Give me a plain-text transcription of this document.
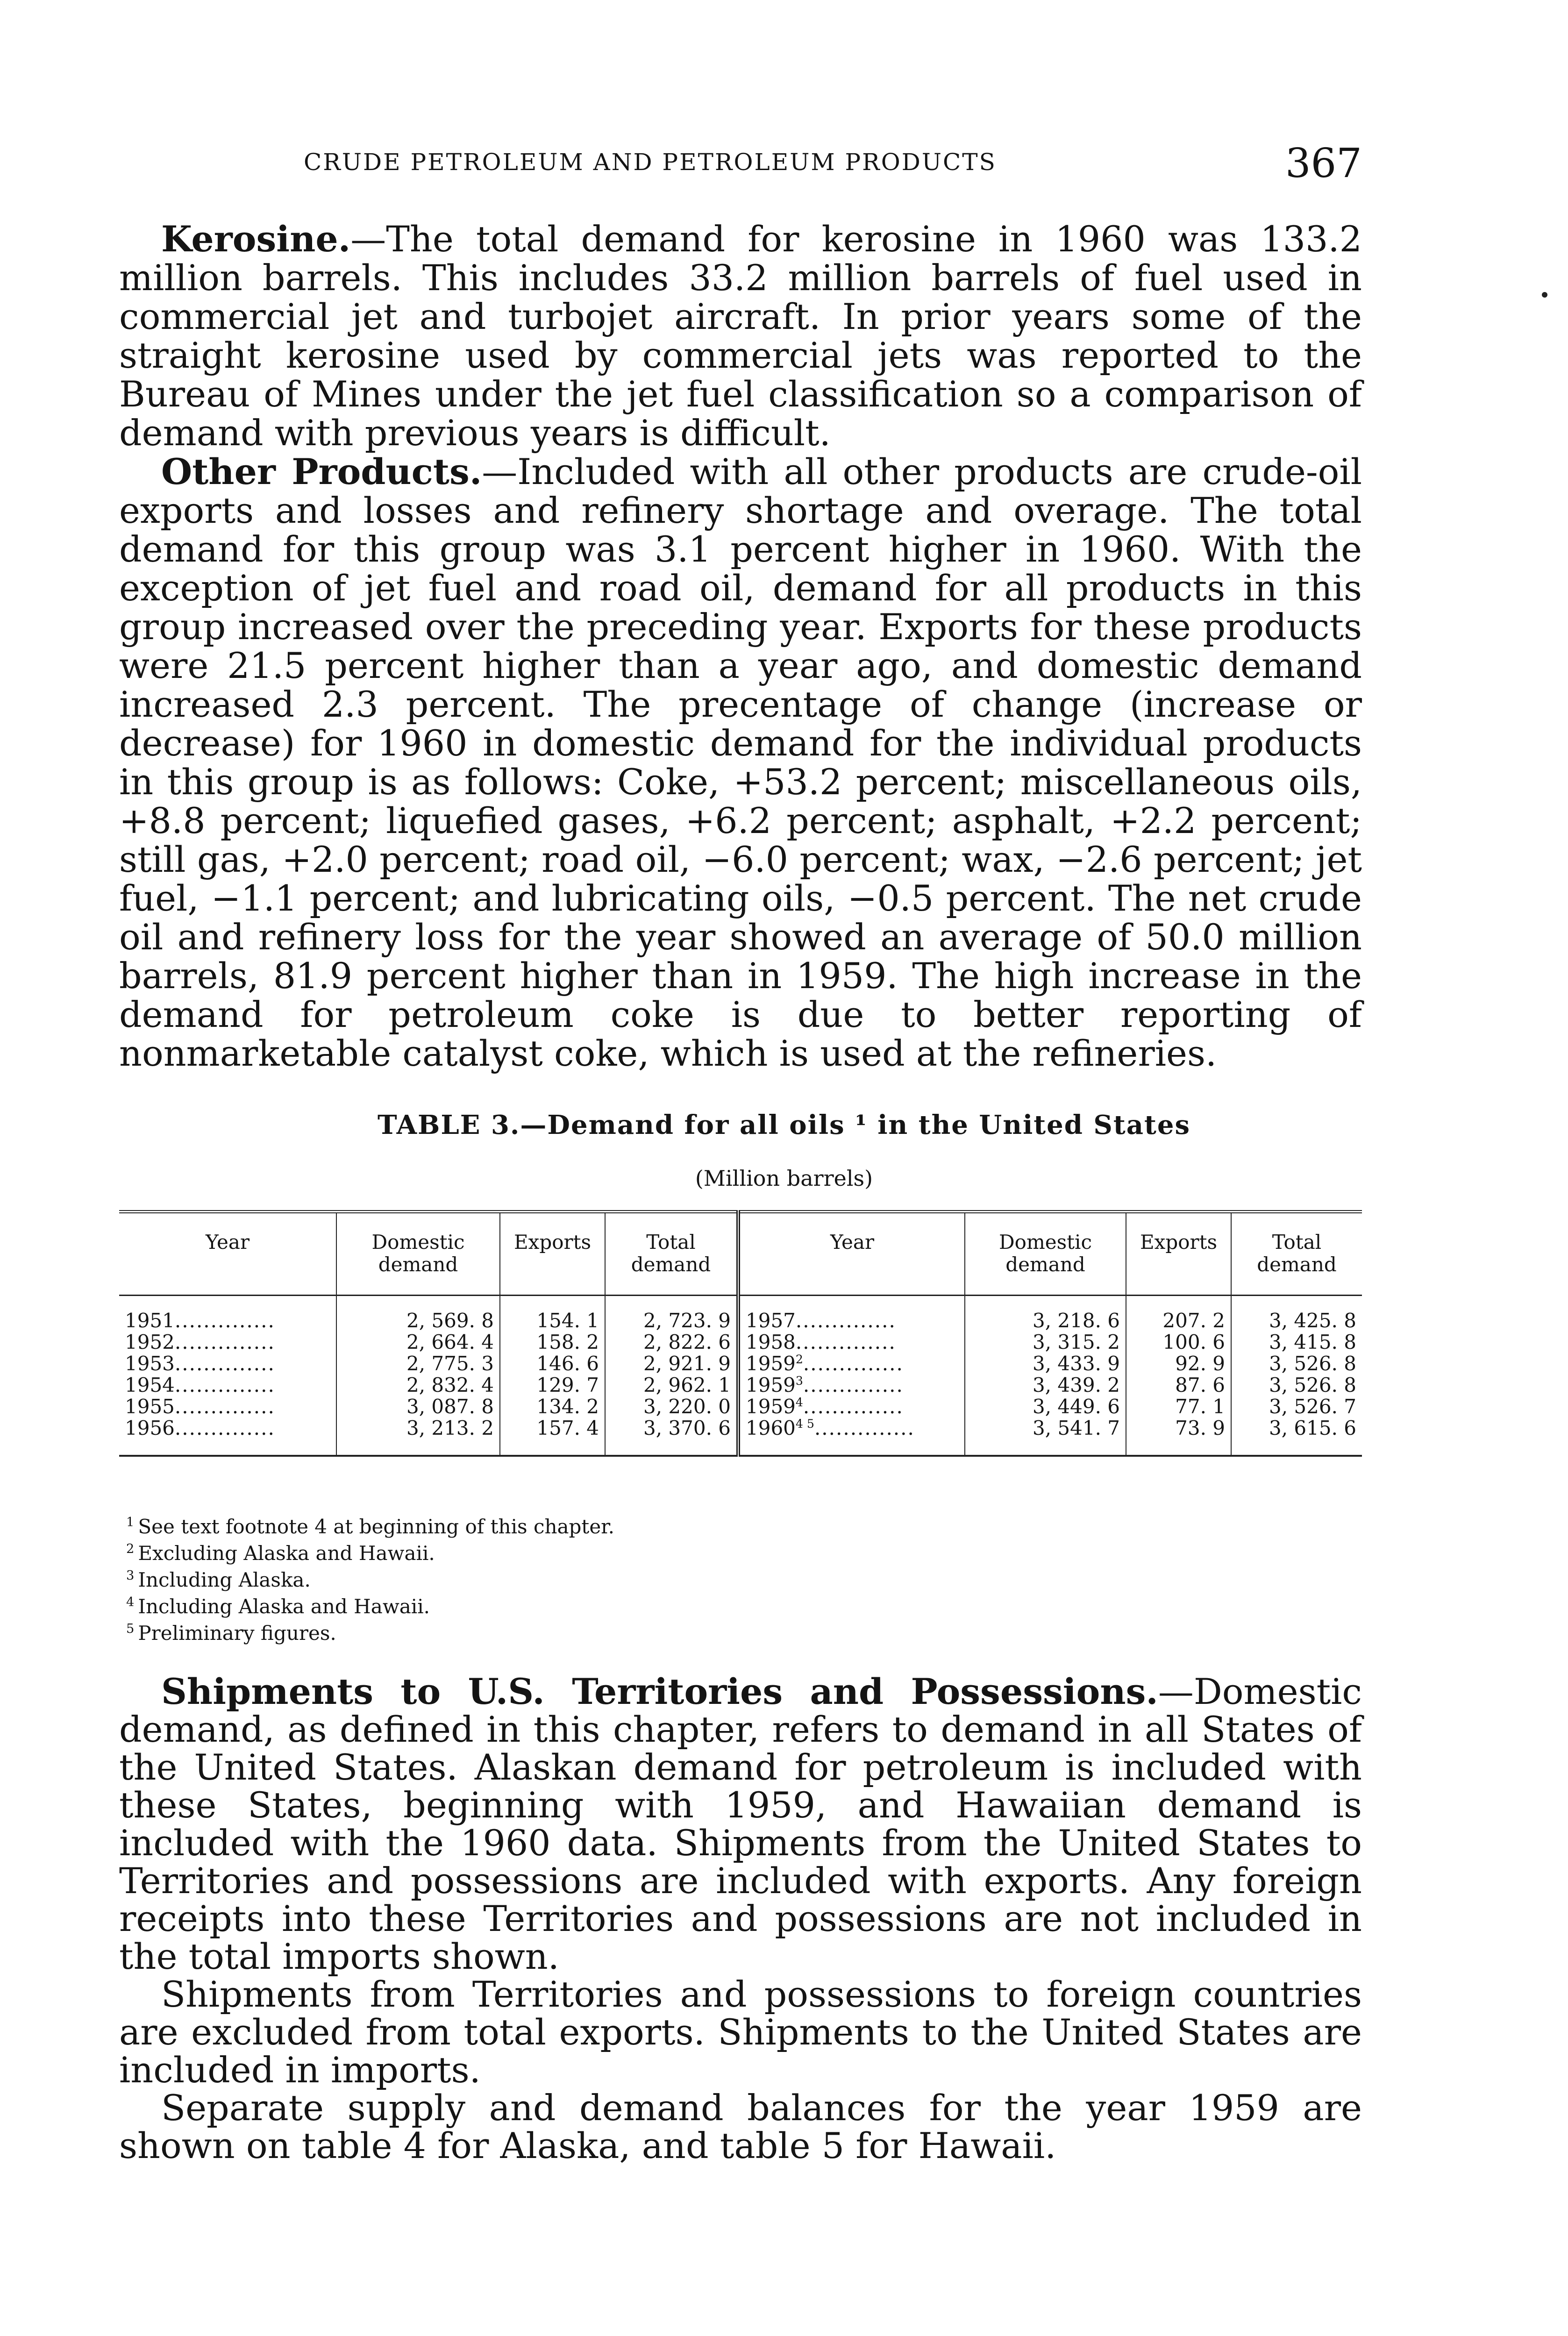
CRUDE PETROLEUM AND PETROLEUM PRODUCTS	367

Kerosine.—The total demand for kerosine in 1960 was 133.2 million barrels. This includes 33.2 million barrels of fuel used in commercial jet and turbojet aircraft. In prior years some of the straight kerosine used by commercial jets was reported to the Bureau of Mines under the jet fuel classification so a comparison of demand with previous years is difficult.

Other Products.—Included with all other products are crude-oil exports and losses and refinery shortage and overage. The total demand for this group was 3.1 percent higher in 1960. With the exception of jet fuel and road oil, demand for all products in this group increased over the preceding year. Exports for these products were 21.5 percent higher than a year ago, and domestic demand increased 2.3 percent. The precentage of change (increase or decrease) for 1960 in domestic demand for the individual products in this group is as follows: Coke, +53.2 percent; miscellaneous oils, +8.8 percent; liquefied gases, +6.2 percent; asphalt, +2.2 percent; still gas, +2.0 percent; road oil, −6.0 percent; wax, −2.6 percent; jet fuel, −1.1 percent; and lubricating oils, −0.5 percent. The net crude oil and refinery loss for the year showed an average of 50.0 million barrels, 81.9 percent higher than in 1959. The high increase in the demand for petroleum coke is due to better reporting of nonmarketable catalyst coke, which is used at the refineries.

TABLE 3.—Demand for all oils ¹ in the United States
(Million barrels)
Year	Domestic demand	Exports	Total demand	Year	Domestic demand	Exports	Total demand
1951..............	2, 569. 8	154. 1	2, 723. 9	1957..............	3, 218. 6	207. 2	3, 425. 8
1952..............	2, 664. 4	158. 2	2, 822. 6	1958..............	3, 315. 2	100. 6	3, 415. 8
1953..............	2, 775. 3	146. 6	2, 921. 9	1959$^2$..............	3, 433. 9	92. 9	3, 526. 8
1954..............	2, 832. 4	129. 7	2, 962. 1	1959$^3$..............	3, 439. 2	87. 6	3, 526. 8
1955..............	3, 087. 8	134. 2	3, 220. 0	1959$^4$..............	3, 449. 6	77. 1	3, 526. 7
1956..............	3, 213. 2	157. 4	3, 370. 6	$1960^{4 5}$..............	3, 541. 7	73. 9	3, 615. 6
$^1$ See text footnote 4 at beginning of this chapter.
$^2$ Excluding Alaska and Hawaii.
$^3$ Including Alaska.
$^4$ Including Alaska and Hawaii.
$^5$ Preliminary figures.

Shipments to U.S. Territories and Possessions.—Domestic demand, as defined in this chapter, refers to demand in all States of the United States. Alaskan demand for petroleum is included with these States, beginning with 1959, and Hawaiian demand is included with the 1960 data. Shipments from the United States to Territories and possessions are included with exports. Any foreign receipts into these Territories and possessions are not included in the total imports shown.

Shipments from Territories and possessions to foreign countries are excluded from total exports. Shipments to the United States are included in imports.

Separate supply and demand balances for the year 1959 are shown on table 4 for Alaska, and table 5 for Hawaii.
